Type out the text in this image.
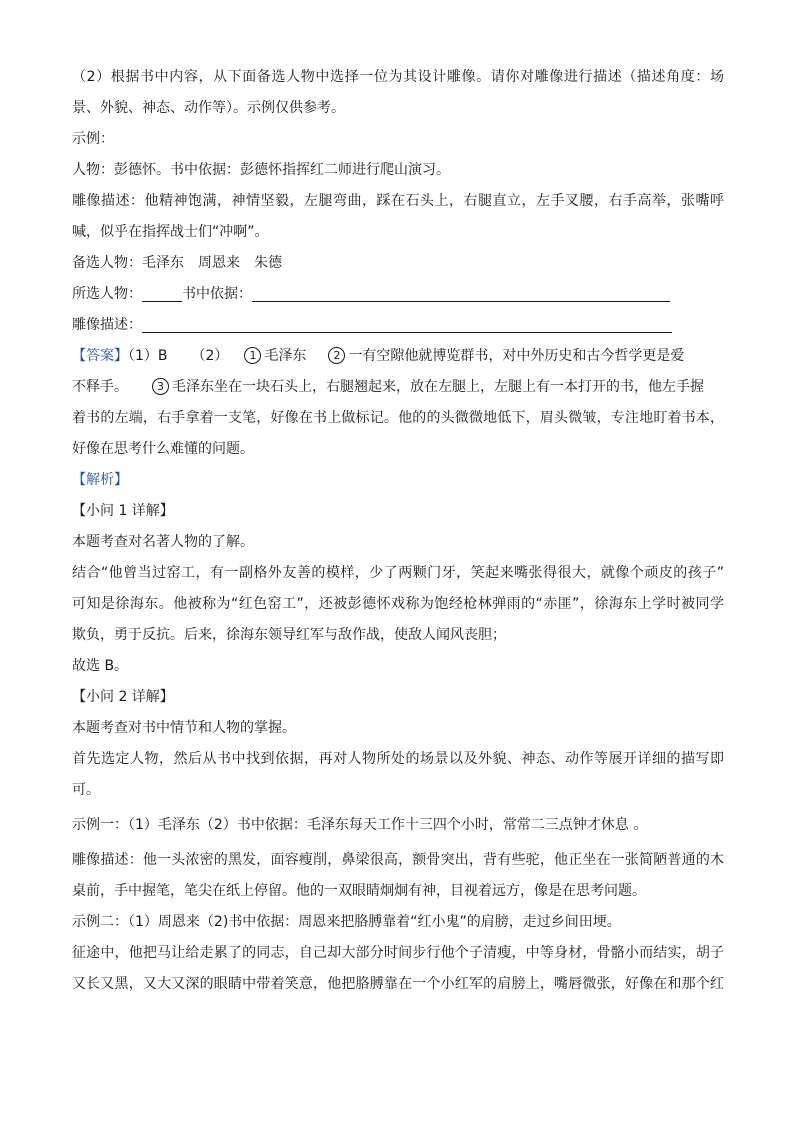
（2）根据书中内容，从下面备选人物中选择一位为其设计雕像。请你对雕像进行描述（描述角度：场
景、外貌、神态、动作等）。示例仅供参考。
示例：
人物：彭德怀。书中依据：彭德怀指挥红二师进行爬山演习。
雕像描述：他精神饱满，神情坚毅，左腿弯曲，踩在石头上，右腿直立，左手叉腰，右手高举，张嘴呼
喊，似乎在指挥战士们“冲啊”。
备选人物：毛泽东 周恩来 朱德
所选人物：	书中依据：
雕像描述：
【答案】（1）B （2） 1 毛泽东 2 一有空隙他就博览群书，对中外历史和古今哲学更是爱
不释手。	3 毛泽东坐在一块石头上，右腿翘起来，放在左腿上，左腿上有一本打开的书，他左手握
着书的左端，右手拿着一支笔，好像在书上做标记。他的的头微微地低下，眉头微皱，专注地盯着书本，
好像在思考什么难懂的问题。
【解析】
【小问 1 详解】
本题考查对名著人物的了解。
结合“他曾当过窑工，有一副格外友善的模样，少了两颗门牙，笑起来嘴张得很大，就像个顽皮的孩子”
可知是徐海东。他被称为“红色窑工”，还被彭德怀戏称为饱经枪林弹雨的“赤匪”，徐海东上学时被同学
欺负，勇于反抗。后来，徐海东领导红军与敌作战，使敌人闻风丧胆；
故选 B。
【小问 2 详解】
本题考查对书中情节和人物的掌握。
首先选定人物，然后从书中找到依据，再对人物所处的场景以及外貌、神态、动作等展开详细的描写即
可。
示例一：（1）毛泽东（2）书中依据：毛泽东每天工作十三四个小时，常常二三点钟才休息 。
雕像描述：他一头浓密的黑发，面容瘦削，鼻梁很高，额骨突出，背有些驼，他正坐在一张简陋普通的木
桌前，手中握笔，笔尖在纸上停留。他的一双眼睛炯炯有神，目视着远方，像是在思考问题。
示例二：（1）周恩来（2)书中依据：周恩来把胳膊靠着“红小鬼”的肩膀，走过乡间田埂。
征途中，他把马让给走累了的同志，自己却大部分时间步行他个子清瘦，中等身材，骨骼小而结实，胡子
又长又黑，又大又深的眼睛中带着笑意，他把胳膊靠在一个小红军的肩膀上，嘴唇微张，好像在和那个红
